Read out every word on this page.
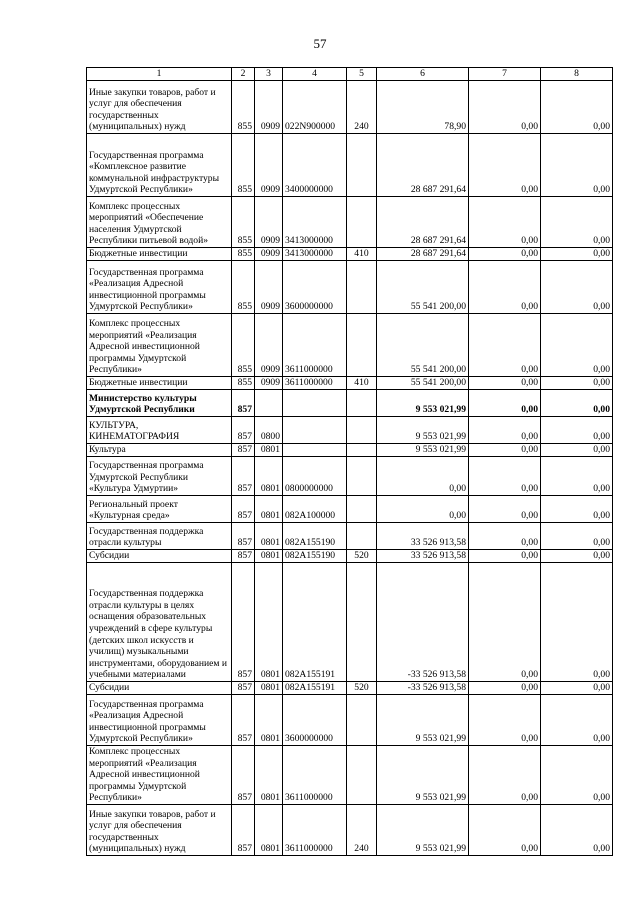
57
1	2	3	4	5	6	7	8
Иные закупки товаров, работ и услуг для обеспечения государственных (муниципальных) нужд	855	0909	022N900000	240	78,90	0,00	0,00
Государственная программа «Комплексное развитие коммунальной инфраструктуры Удмуртской Республики»	855	0909	3400000000		28 687 291,64	0,00	0,00
Комплекс процессных мероприятий «Обеспечение населения Удмуртской Республики питьевой водой»	855	0909	3413000000		28 687 291,64	0,00	0,00
Бюджетные инвестиции	855	0909	3413000000	410	28 687 291,64	0,00	0,00
Государственная программа «Реализация Адресной инвестиционной программы Удмуртской Республики»	855	0909	3600000000		55 541 200,00	0,00	0,00
Комплекс процессных мероприятий «Реализация Адресной инвестиционной программы Удмуртской Республики»	855	0909	3611000000		55 541 200,00	0,00	0,00
Бюджетные инвестиции	855	0909	3611000000	410	55 541 200,00	0,00	0,00
Министерство культуры Удмуртской Республики	857				9 553 021,99	0,00	0,00
КУЛЬТУРА, КИНЕМАТОГРАФИЯ	857	0800			9 553 021,99	0,00	0,00
Культура	857	0801			9 553 021,99	0,00	0,00
Государственная программа Удмуртской Республики «Культура Удмуртии»	857	0801	0800000000		0,00	0,00	0,00
Региональный проект «Культурная среда»	857	0801	082A100000		0,00	0,00	0,00
Государственная поддержка отрасли культуры	857	0801	082A155190		33 526 913,58	0,00	0,00
Субсидии	857	0801	082A155190	520	33 526 913,58	0,00	0,00
Государственная поддержка отрасли культуры в целях оснащения образовательных учреждений в сфере культуры (детских школ искусств и училищ) музыкальными инструментами, оборудованием и учебными материалами	857	0801	082A155191		-33 526 913,58	0,00	0,00
Субсидии	857	0801	082A155191	520	-33 526 913,58	0,00	0,00
Государственная программа «Реализация Адресной инвестиционной программы Удмуртской Республики»	857	0801	3600000000		9 553 021,99	0,00	0,00
Комплекс процессных мероприятий «Реализация Адресной инвестиционной программы Удмуртской Республики»	857	0801	3611000000		9 553 021,99	0,00	0,00
Иные закупки товаров, работ и услуг для обеспечения государственных (муниципальных) нужд	857	0801	3611000000	240	9 553 021,99	0,00	0,00
